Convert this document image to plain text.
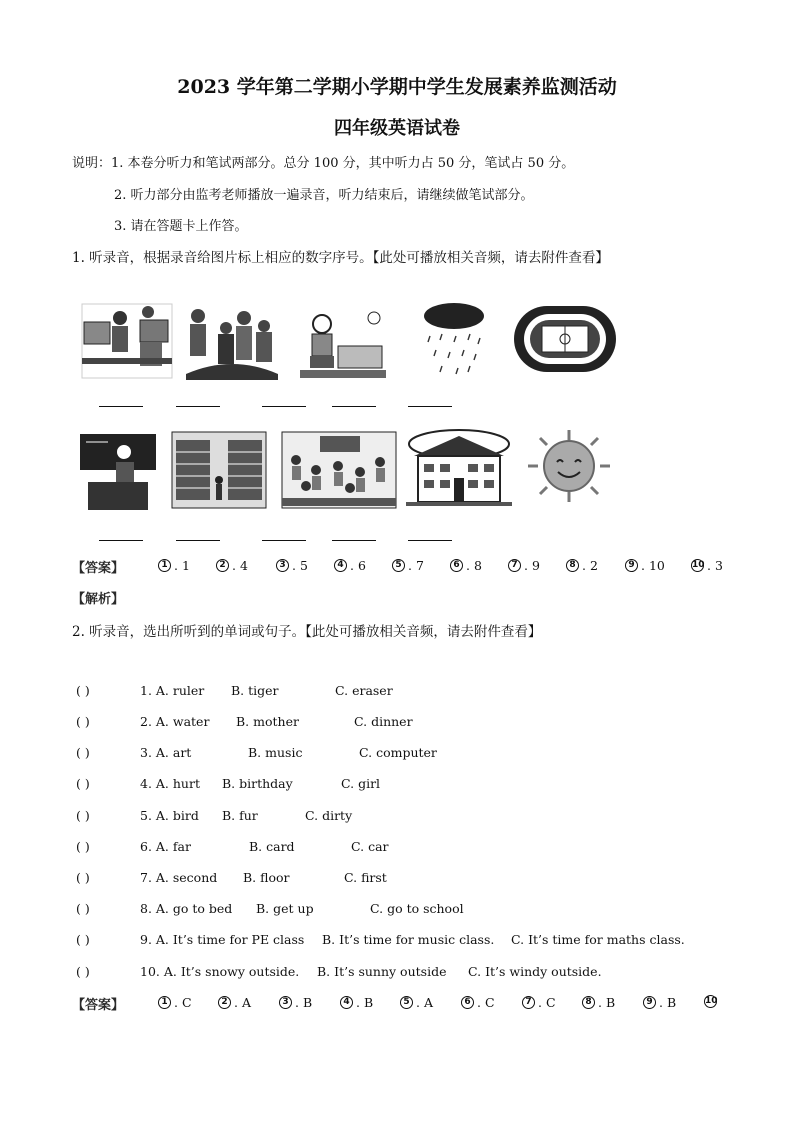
2023 学年第二学期小学期中学生发展素养监测活动
四年级英语试卷
说明：1. 本卷分听力和笔试两部分。总分 100 分，其中听力占 50 分，笔试占 50 分。
2. 听力部分由监考老师播放一遍录音，听力结束后，请继续做笔试部分。
3. 请在答题卡上作答。
1. 听录音，根据录音给图片标上相应的数字序号。【此处可播放相关音频，请去附件查看】
【答案】	1 . 1	2 . 4	3 . 5	4 . 6	5 . 7	6 . 8	7 . 9	8 . 2	9 . 10	10 . 3
【解析】
2. 听录音，选出所听到的单词或句子。【此处可播放相关音频，请去附件查看】
( )	1. A. ruler B. tiger	C. eraser
( )	2. A. water B. mother	C. dinner
( )	3. A. art	B. music	C. computer
( )	4. A. hurt B. birthday	C. girl
( )	5. A. bird B. fur	C. dirty
( )	6. A. far	B. card	C. car
( )	7. A. second B. floor	C. first
( )	8. A. go to bed B. get up	C. go to school
( )	9. A. It’s time for PE class B. It’s time for music class. C. It’s time for maths class.
( )	10. A. It’s snowy outside. B. It’s sunny outside C. It’s windy outside.
【答案】	1 . C	2 . A	3 . B	4 . B	5 . A	6 . C	7 . C	8 . B	9 . B	10
